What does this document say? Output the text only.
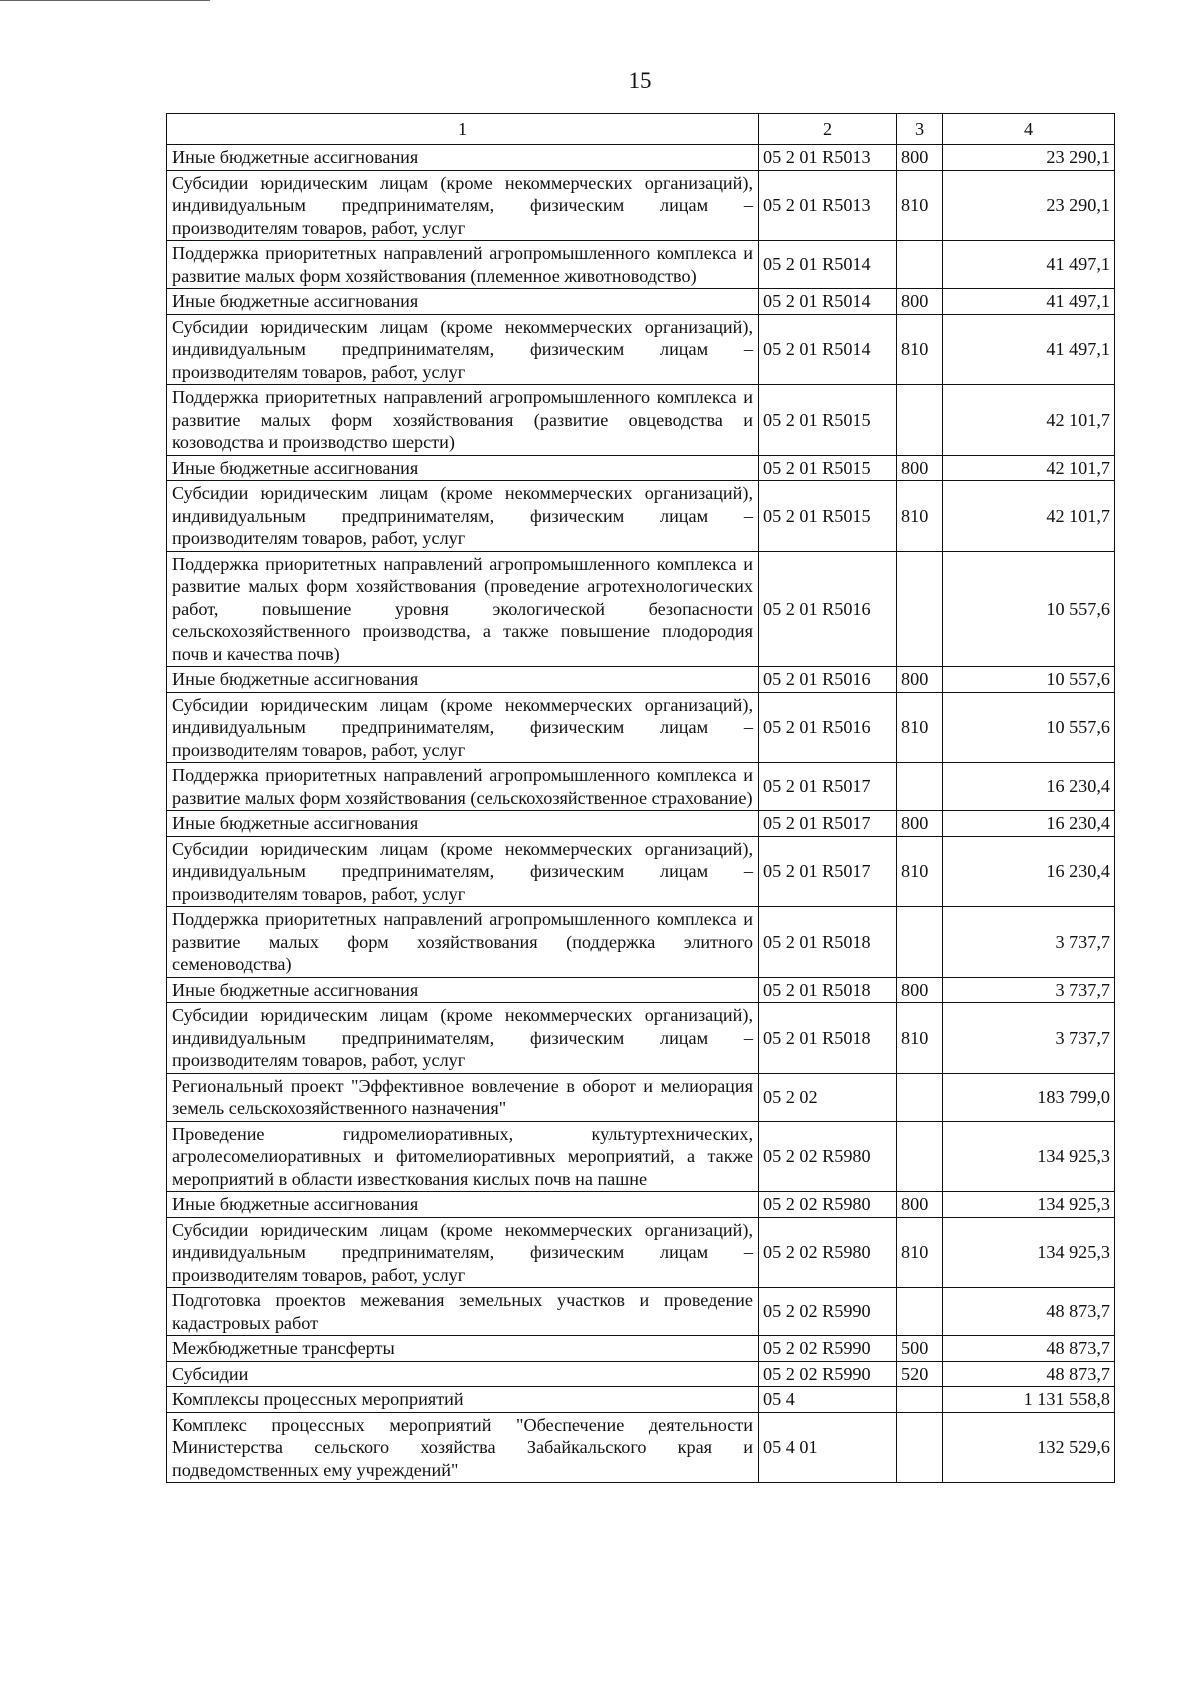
15
1	2	3	4
Иные бюджетные ассигнования	05 2 01 R5013	800	23 290,1
Субсидии юридическим лицам (кроме некоммерческих организаций), индивидуальным предпринимателям, физическим лицам – производителям товаров, работ, услуг	05 2 01 R5013	810	23 290,1
Поддержка приоритетных направлений агропромышленного комплекса и развитие малых форм хозяйствования (племенное животноводство)	05 2 01 R5014		41 497,1
Иные бюджетные ассигнования	05 2 01 R5014	800	41 497,1
Субсидии юридическим лицам (кроме некоммерческих организаций), индивидуальным предпринимателям, физическим лицам – производителям товаров, работ, услуг	05 2 01 R5014	810	41 497,1
Поддержка приоритетных направлений агропромышленного комплекса и развитие малых форм хозяйствования (развитие овцеводства и козоводства и производство шерсти)	05 2 01 R5015		42 101,7
Иные бюджетные ассигнования	05 2 01 R5015	800	42 101,7
Субсидии юридическим лицам (кроме некоммерческих организаций), индивидуальным предпринимателям, физическим лицам – производителям товаров, работ, услуг	05 2 01 R5015	810	42 101,7
Поддержка приоритетных направлений агропромышленного комплекса и развитие малых форм хозяйствования (проведение агротехнологических работ, повышение уровня экологической безопасности сельскохозяйственного производства, а также повышение плодородия почв и качества почв)	05 2 01 R5016		10 557,6
Иные бюджетные ассигнования	05 2 01 R5016	800	10 557,6
Субсидии юридическим лицам (кроме некоммерческих организаций), индивидуальным предпринимателям, физическим лицам – производителям товаров, работ, услуг	05 2 01 R5016	810	10 557,6
Поддержка приоритетных направлений агропромышленного комплекса и развитие малых форм хозяйствования (сельскохозяйственное страхование)	05 2 01 R5017		16 230,4
Иные бюджетные ассигнования	05 2 01 R5017	800	16 230,4
Субсидии юридическим лицам (кроме некоммерческих организаций), индивидуальным предпринимателям, физическим лицам – производителям товаров, работ, услуг	05 2 01 R5017	810	16 230,4
Поддержка приоритетных направлений агропромышленного комплекса и развитие малых форм хозяйствования (поддержка элитного семеноводства)	05 2 01 R5018		3 737,7
Иные бюджетные ассигнования	05 2 01 R5018	800	3 737,7
Субсидии юридическим лицам (кроме некоммерческих организаций), индивидуальным предпринимателям, физическим лицам – производителям товаров, работ, услуг	05 2 01 R5018	810	3 737,7
Региональный проект "Эффективное вовлечение в оборот и мелиорация земель сельскохозяйственного назначения"	05 2 02		183 799,0
Проведение гидромелиоративных, культуртехнических, агролесомелиоративных и фитомелиоративных мероприятий, а также мероприятий в области известкования кислых почв на пашне	05 2 02 R5980		134 925,3
Иные бюджетные ассигнования	05 2 02 R5980	800	134 925,3
Субсидии юридическим лицам (кроме некоммерческих организаций), индивидуальным предпринимателям, физическим лицам – производителям товаров, работ, услуг	05 2 02 R5980	810	134 925,3
Подготовка проектов межевания земельных участков и проведение кадастровых работ	05 2 02 R5990		48 873,7
Межбюджетные трансферты	05 2 02 R5990	500	48 873,7
Субсидии	05 2 02 R5990	520	48 873,7
Комплексы процессных мероприятий	05 4		1 131 558,8
Комплекс процессных мероприятий "Обеспечение деятельности Министерства сельского хозяйства Забайкальского края и подведомственных ему учреждений"	05 4 01		132 529,6
